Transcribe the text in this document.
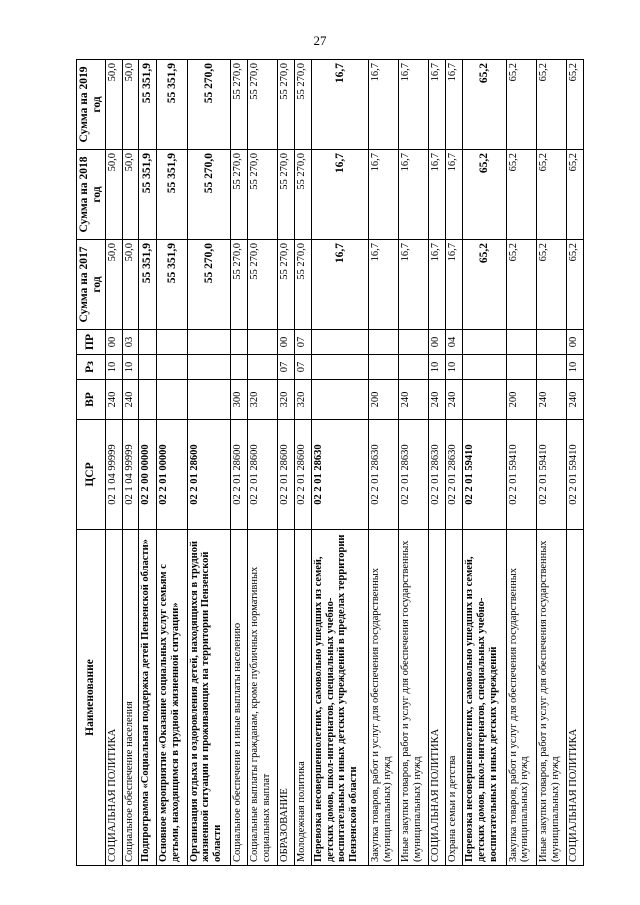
27
Наименование	ЦСР	ВР	Рз	ПР	Сумма на 2017 год	Сумма на 2018 год	Сумма на 2019 год
СОЦИАЛЬНАЯ ПОЛИТИКА	02 1 04 99999	240	10	00	50,0	50,0	50,0
Социальное обеспечение населения	02 1 04 99999	240	10	03	50,0	50,0	50,0
Подпрограмма «Социальная поддержка детей Пензенской области»	02 2 00 00000				55 351,9	55 351,9	55 351,9
Основное мероприятие «Оказание социальных услуг семьям с детьми, находящимся в трудной жизненной ситуации»	02 2 01 00000				55 351,9	55 351,9	55 351,9
Организация отдыха и оздоровления детей, находящихся в трудной жизненной ситуации и проживающих на территории Пензенской области	02 2 01 28600				55 270,0	55 270,0	55 270,0
Социальное обеспечение и иные выплаты населению	02 2 01 28600	300			55 270,0	55 270,0	55 270,0
Социальные выплаты гражданам, кроме публичных нормативных социальных выплат	02 2 01 28600	320			55 270,0	55 270,0	55 270,0
ОБРАЗОВАНИЕ	02 2 01 28600	320	07	00	55 270,0	55 270,0	55 270,0
Молодежная политика	02 2 01 28600	320	07	07	55 270,0	55 270,0	55 270,0
Перевозка несовершеннолетних, самовольно ушедших из семей, детских домов, школ-интернатов, специальных учебно-воспитательных и иных детских учреждений в пределах территории Пензенской области	02 2 01 28630				16,7	16,7	16,7
Закупка товаров, работ и услуг для обеспечения государственных (муниципальных) нужд	02 2 01 28630	200			16,7	16,7	16,7
Иные закупки товаров, работ и услуг для обеспечения государственных (муниципальных) нужд	02 2 01 28630	240			16,7	16,7	16,7
СОЦИАЛЬНАЯ ПОЛИТИКА	02 2 01 28630	240	10	00	16,7	16,7	16,7
Охрана семьи и детства	02 2 01 28630	240	10	04	16,7	16,7	16,7
Перевозка несовершеннолетних, самовольно ушедших из семей, детских домов, школ-интернатов, специальных учебно-воспитательных и иных детских учреждений	02 2 01 59410				65,2	65,2	65,2
Закупка товаров, работ и услуг для обеспечения государственных (муниципальных) нужд	02 2 01 59410	200			65,2	65,2	65,2
Иные закупки товаров, работ и услуг для обеспечения государственных (муниципальных) нужд	02 2 01 59410	240			65,2	65,2	65,2
СОЦИАЛЬНАЯ ПОЛИТИКА	02 2 01 59410	240	10	00	65,2	65,2	65,2
